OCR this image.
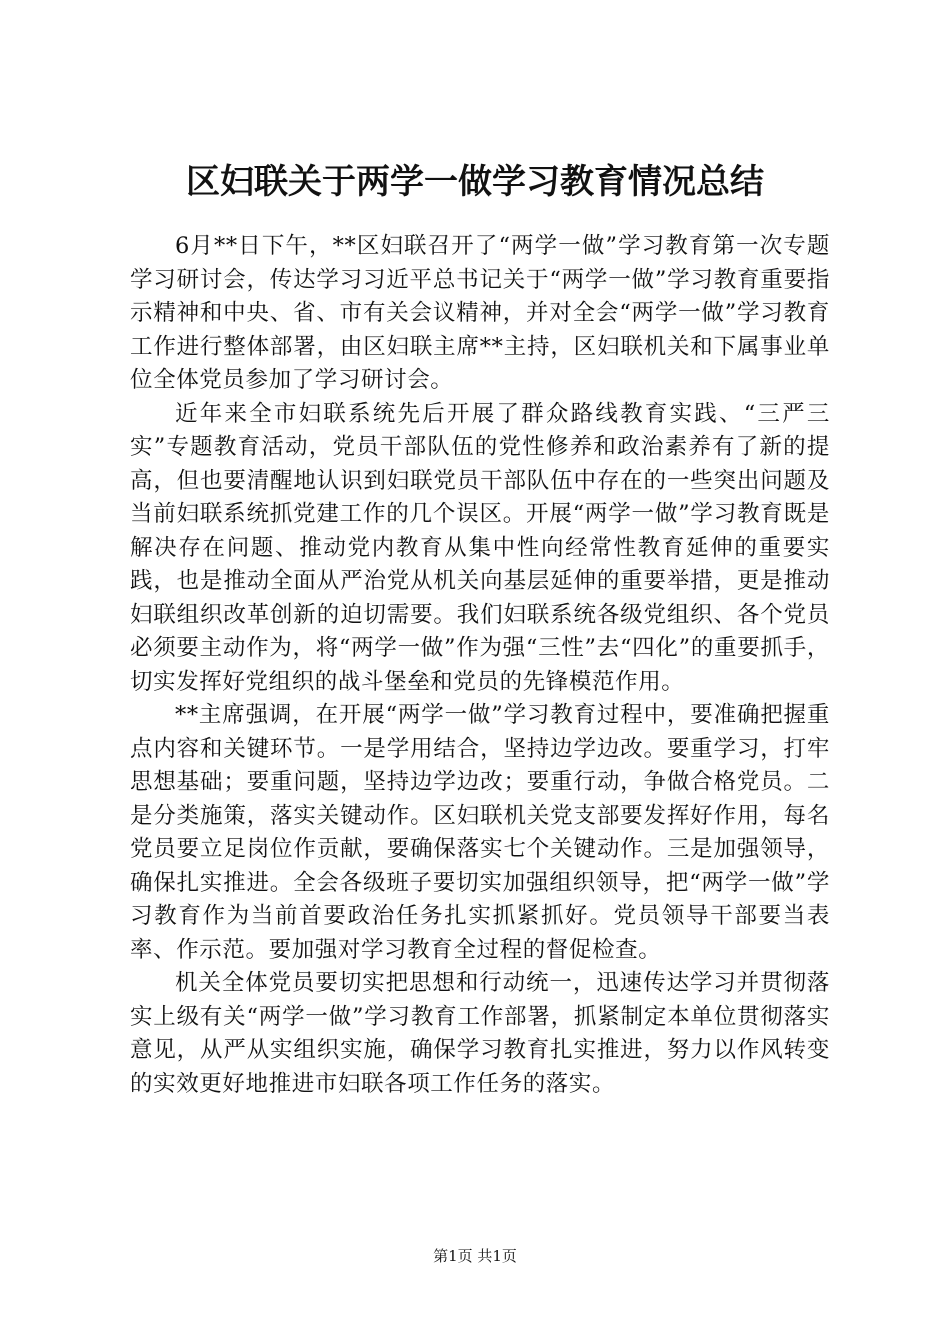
区妇联关于两学一做学习教育情况总结

6月**日下午，**区妇联召开了“两学一做”学习教育第一次专题学习研讨会，传达学习习近平总书记关于“两学一做”学习教育重要指示精神和中央、省、市有关会议精神，并对全会“两学一做”学习教育工作进行整体部署，由区妇联主席**主持，区妇联机关和下属事业单位全体党员参加了学习研讨会。

近年来全市妇联系统先后开展了群众路线教育实践、“三严三实”专题教育活动，党员干部队伍的党性修养和政治素养有了新的提高，但也要清醒地认识到妇联党员干部队伍中存在的一些突出问题及当前妇联系统抓党建工作的几个误区。开展“两学一做”学习教育既是解决存在问题、推动党内教育从集中性向经常性教育延伸的重要实践，也是推动全面从严治党从机关向基层延伸的重要举措，更是推动妇联组织改革创新的迫切需要。我们妇联系统各级党组织、各个党员必须要主动作为，将“两学一做”作为强“三性”去“四化”的重要抓手，切实发挥好党组织的战斗堡垒和党员的先锋模范作用。

**主席强调，在开展“两学一做”学习教育过程中，要准确把握重点内容和关键环节。一是学用结合，坚持边学边改。要重学习，打牢思想基础；要重问题，坚持边学边改；要重行动，争做合格党员。二是分类施策，落实关键动作。区妇联机关党支部要发挥好作用，每名党员要立足岗位作贡献，要确保落实七个关键动作。三是加强领导，确保扎实推进。全会各级班子要切实加强组织领导，把“两学一做”学习教育作为当前首要政治任务扎实抓紧抓好。党员领导干部要当表率、作示范。要加强对学习教育全过程的督促检查。

机关全体党员要切实把思想和行动统一，迅速传达学习并贯彻落实上级有关“两学一做”学习教育工作部署，抓紧制定本单位贯彻落实意见，从严从实组织实施，确保学习教育扎实推进，努力以作风转变的实效更好地推进市妇联各项工作任务的落实。

第1页 共1页
